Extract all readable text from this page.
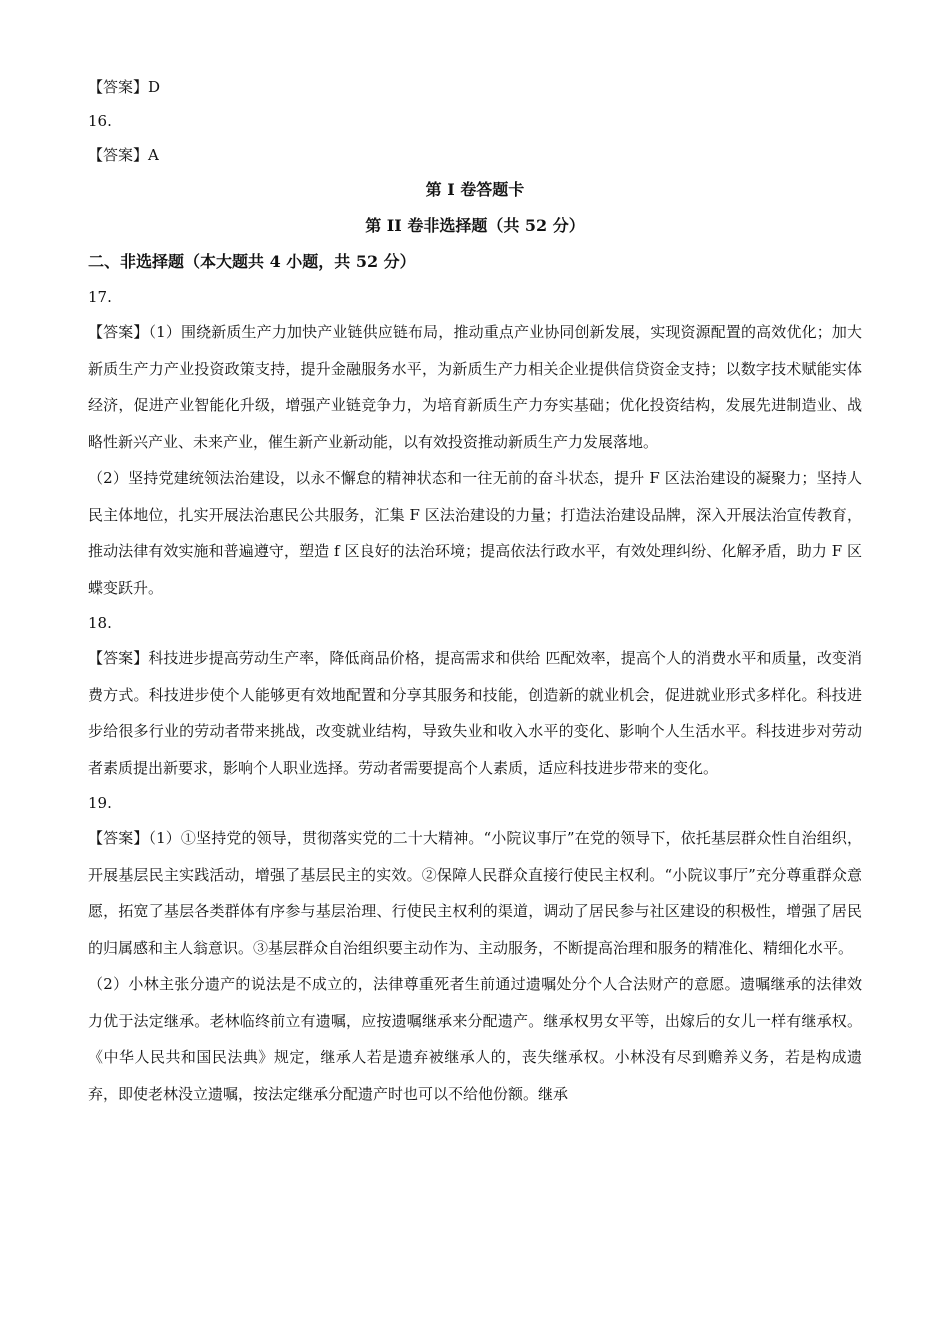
【答案】D

16.

【答案】A

第 I 卷答题卡

第 II 卷非选择题（共 52 分）

二、非选择题（本大题共 4 小题，共 52 分）

17.

【答案】（1）围绕新质生产力加快产业链供应链布局，推动重点产业协同创新发展，实现资源配置的高效优化；加大新质生产力产业投资政策支持，提升金融服务水平，为新质生产力相关企业提供信贷资金支持；以数字技术赋能实体经济，促进产业智能化升级，增强产业链竞争力，为培育新质生产力夯实基础；优化投资结构，发展先进制造业、战略性新兴产业、未来产业，催生新产业新动能，以有效投资推动新质生产力发展落地。

（2）坚持党建统领法治建设，以永不懈怠的精神状态和一往无前的奋斗状态，提升 F 区法治建设的凝聚力；坚持人民主体地位，扎实开展法治惠民公共服务，汇集 F 区法治建设的力量；打造法治建设品牌，深入开展法治宣传教育，推动法律有效实施和普遍遵守，塑造 f 区良好的法治环境；提高依法行政水平，有效处理纠纷、化解矛盾，助力 F 区蝶变跃升。

18.

【答案】科技进步提高劳动生产率，降低商品价格，提高需求和供给 匹配效率，提高个人的消费水平和质量，改变消费方式。科技进步使个人能够更有效地配置和分享其服务和技能，创造新的就业机会，促进就业形式多样化。科技进步给很多行业的劳动者带来挑战，改变就业结构，导致失业和收入水平的变化、影响个人生活水平。科技进步对劳动者素质提出新要求，影响个人职业选择。劳动者需要提高个人素质，适应科技进步带来的变化。

19.

【答案】（1）①坚持党的领导，贯彻落实党的二十大精神。“小院议事厅”在党的领导下，依托基层群众性自治组织，开展基层民主实践活动，增强了基层民主的实效。②保障人民群众直接行使民主权利。“小院议事厅”充分尊重群众意愿，拓宽了基层各类群体有序参与基层治理、行使民主权利的渠道，调动了居民参与社区建设的积极性，增强了居民的归属感和主人翁意识。③基层群众自治组织要主动作为、主动服务，不断提高治理和服务的精准化、精细化水平。

（2）小林主张分遗产的说法是不成立的，法律尊重死者生前通过遗嘱处分个人合法财产的意愿。遗嘱继承的法律效力优于法定继承。老林临终前立有遗嘱，应按遗嘱继承来分配遗产。继承权男女平等，出嫁后的女儿一样有继承权。《中华人民共和国民法典》规定，继承人若是遗弃被继承人的，丧失继承权。小林没有尽到赡养义务，若是构成遗弃，即使老林没立遗嘱，按法定继承分配遗产时也可以不给他份额。继承
